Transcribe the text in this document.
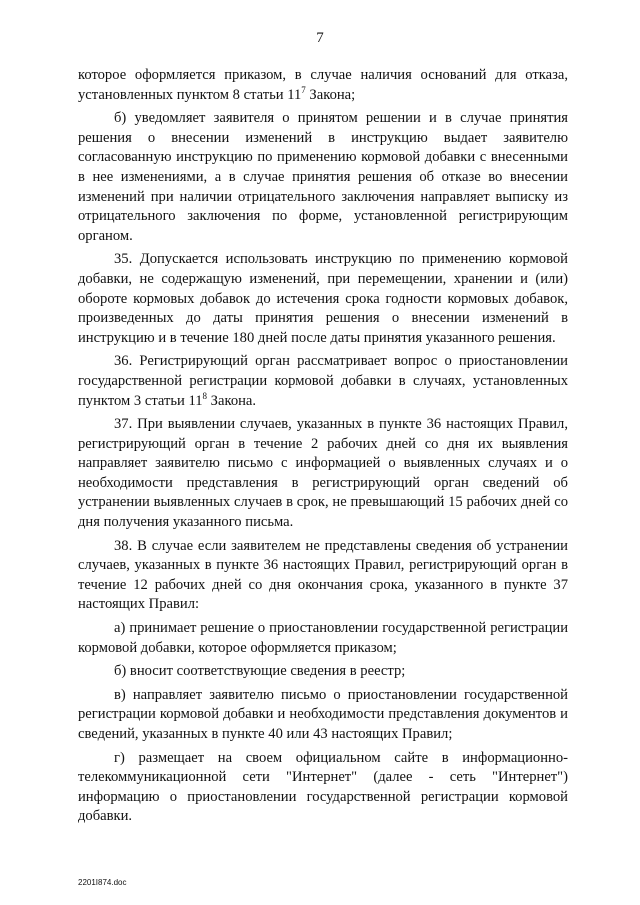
7

которое оформляется приказом, в случае наличия оснований для отказа, установленных пунктом 8 статьи $11^7$ Закона;

б) уведомляет заявителя о принятом решении и в случае принятия решения о внесении изменений в инструкцию выдает заявителю согласованную инструкцию по применению кормовой добавки с внесенными в нее изменениями, а в случае принятия решения об отказе во внесении изменений при наличии отрицательного заключения направляет выписку из отрицательного заключения по форме, установленной регистрирующим органом.

35. Допускается использовать инструкцию по применению кормовой добавки, не содержащую изменений, при перемещении, хранении и (или) обороте кормовых добавок до истечения срока годности кормовых добавок, произведенных до даты принятия решения о внесении изменений в инструкцию и в течение 180 дней после даты принятия указанного решения.

36. Регистрирующий орган рассматривает вопрос о приостановлении государственной регистрации кормовой добавки в случаях, установленных пунктом 3 статьи $11^8$ Закона.

37. При выявлении случаев, указанных в пункте 36 настоящих Правил, регистрирующий орган в течение 2 рабочих дней со дня их выявления направляет заявителю письмо с информацией о выявленных случаях и о необходимости представления в регистрирующий орган сведений об устранении выявленных случаев в срок, не превышающий 15 рабочих дней со дня получения указанного письма.

38. В случае если заявителем не представлены сведения об устранении случаев, указанных в пункте 36 настоящих Правил, регистрирующий орган в течение 12 рабочих дней со дня окончания срока, указанного в пункте 37 настоящих Правил:

а) принимает решение о приостановлении государственной регистрации кормовой добавки, которое оформляется приказом;

б) вносит соответствующие сведения в реестр;

в) направляет заявителю письмо о приостановлении государственной регистрации кормовой добавки и необходимости представления документов и сведений, указанных в пункте 40 или 43 настоящих Правил;

г) размещает на своем официальном сайте в информационно-телекоммуникационной сети "Интернет" (далее - сеть "Интернет") информацию о приостановлении государственной регистрации кормовой добавки.

2201I874.doc
